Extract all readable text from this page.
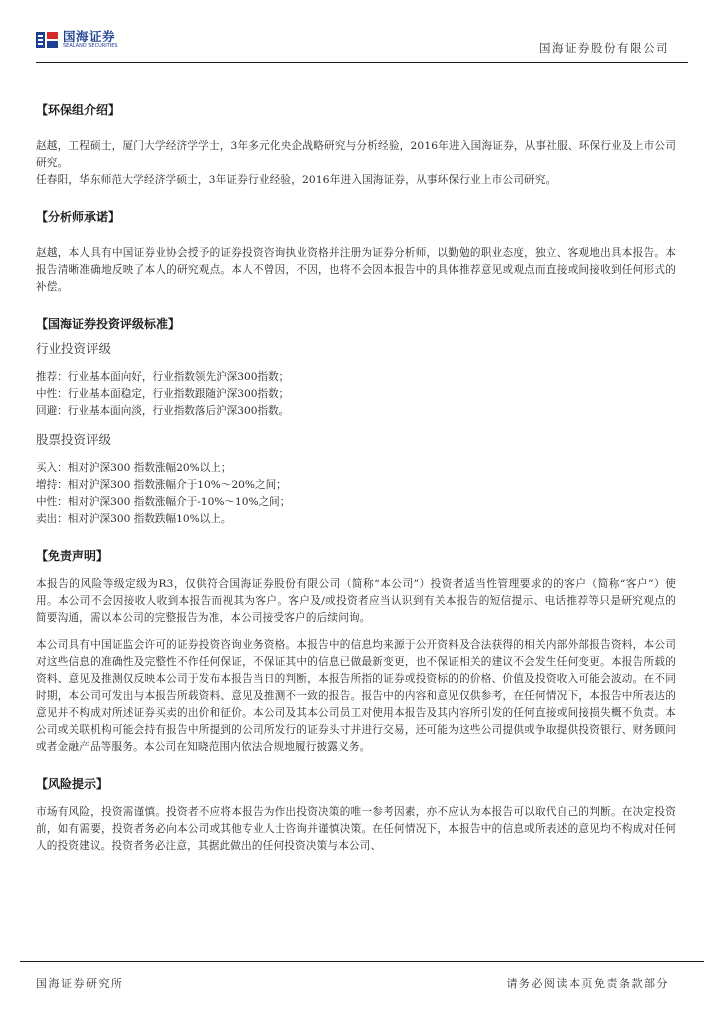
国海证券
SEALAND SECURITIES	国海证券股份有限公司
【环保组介绍】
赵越，工程硕士，厦门大学经济学学士，3年多元化央企战略研究与分析经验，2016年进入国海证券，从事社服、环保行业及上市公司研究。
任春阳，华东师范大学经济学硕士，3年证券行业经验，2016年进入国海证券，从事环保行业上市公司研究。
【分析师承诺】
赵越，本人具有中国证券业协会授予的证券投资咨询执业资格并注册为证券分析师，以勤勉的职业态度，独立、客观地出具本报告。本报告清晰准确地反映了本人的研究观点。本人不曾因，不因，也将不会因本报告中的具体推荐意见或观点而直接或间接收到任何形式的补偿。
【国海证券投资评级标准】
行业投资评级
推荐：行业基本面向好，行业指数领先沪深300指数；
中性：行业基本面稳定，行业指数跟随沪深300指数；
回避：行业基本面向淡，行业指数落后沪深300指数。
股票投资评级
买入：相对沪深300 指数涨幅20%以上；
增持：相对沪深300 指数涨幅介于10%～20%之间；
中性：相对沪深300 指数涨幅介于-10%～10%之间；
卖出：相对沪深300 指数跌幅10%以上。
【免责声明】
本报告的风险等级定级为R3，仅供符合国海证券股份有限公司（简称“本公司”）投资者适当性管理要求的的客户（简称“客户”）使用。本公司不会因接收人收到本报告而视其为客户。客户及/或投资者应当认识到有关本报告的短信提示、电话推荐等只是研究观点的简要沟通，需以本公司的完整报告为准，本公司接受客户的后续问询。
本公司具有中国证监会许可的证券投资咨询业务资格。本报告中的信息均来源于公开资料及合法获得的相关内部外部报告资料，本公司对这些信息的准确性及完整性不作任何保证，不保证其中的信息已做最新变更，也不保证相关的建议不会发生任何变更。本报告所载的资料、意见及推测仅反映本公司于发布本报告当日的判断，本报告所指的证券或投资标的的价格、价值及投资收入可能会波动。在不同时期，本公司可发出与本报告所载资料、意见及推测不一致的报告。报告中的内容和意见仅供参考，在任何情况下，本报告中所表达的意见并不构成对所述证券买卖的出价和征价。本公司及其本公司员工对使用本报告及其内容所引发的任何直接或间接损失概不负责。本公司或关联机构可能会持有报告中所提到的公司所发行的证券头寸并进行交易，还可能为这些公司提供或争取提供投资银行、财务顾问或者金融产品等服务。本公司在知晓范围内依法合规地履行披露义务。
【风险提示】
市场有风险，投资需谨慎。投资者不应将本报告为作出投资决策的唯一参考因素，亦不应认为本报告可以取代自己的判断。在决定投资前，如有需要，投资者务必向本公司或其他专业人士咨询并谨慎决策。在任何情况下，本报告中的信息或所表述的意见均不构成对任何人的投资建议。投资者务必注意，其据此做出的任何投资决策与本公司、
国海证券研究所	请务必阅读本页免责条款部分
